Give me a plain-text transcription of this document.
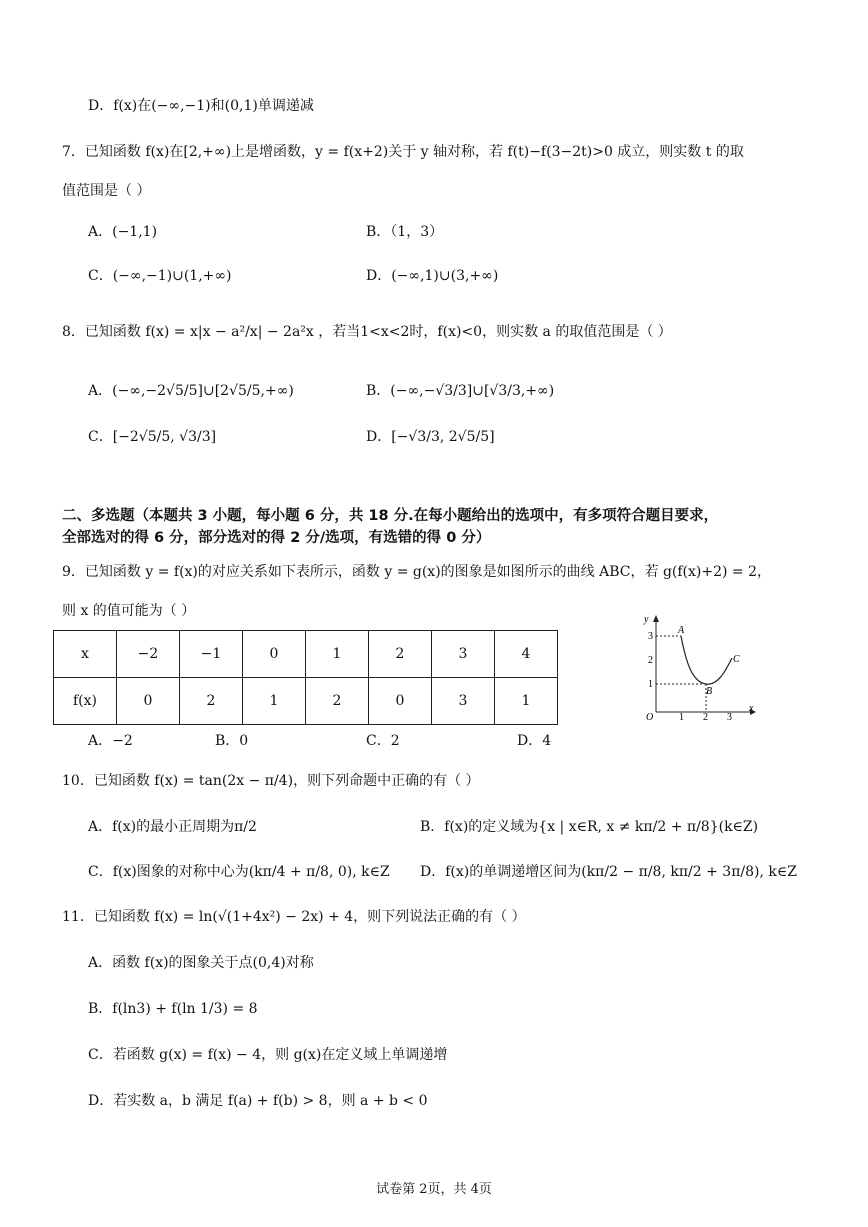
D．f(x)在(−∞,−1)和(0,1)单调递减
7．已知函数 f(x)在[2,+∞)上是增函数，y = f(x+2)关于 y 轴对称，若 f(t)−f(3−2t)>0 成立，则实数 t 的取
值范围是（ ）
A．(−1,1)	B．（1，3）
C．(−∞,−1)∪(1,+∞)	D．(−∞,1)∪(3,+∞)
8．已知函数 f(x) = x|x − a²/x| − 2a²x ，若当1<x<2时，f(x)<0，则实数 a 的取值范围是（ ）
A．(−∞,−2√5/5]∪[2√5/5,+∞)	B．(−∞,−√3/3]∪[√3/3,+∞)
C．[−2√5/5, √3/3]	D．[−√3/3, 2√5/5]
二、多选题（本题共 3 小题，每小题 6 分，共 18 分.在每小题给出的选项中，有多项符合题目要求，
全部选对的得 6 分，部分选对的得 2 分/选项，有选错的得 0 分）
9．已知函数 y = f(x)的对应关系如下表所示，函数 y = g(x)的图象是如图所示的曲线 ABC，若 g(f(x)+2) = 2，
则 x 的值可能为（ ）
x	−2	−1	0	1	2	3	4
f(x)	0	2	1	2	0	3	1
y
x
O
1
2
3
1 2 3
A
B
C
A．−2	B．0	C．2	D．4
10．已知函数 f(x) = tan(2x − π/4)，则下列命题中正确的有（ ）
A．f(x)的最小正周期为π/2	B．f(x)的定义域为{x | x∈R, x ≠ kπ/2 + π/8}(k∈Z)
C．f(x)图象的对称中心为(kπ/4 + π/8, 0), k∈Z D．f(x)的单调递增区间为(kπ/2 − π/8, kπ/2 + 3π/8), k∈Z
11．已知函数 f(x) = ln(√(1+4x²) − 2x) + 4，则下列说法正确的有（ ）
A．函数 f(x)的图象关于点(0,4)对称
B．f(ln3) + f(ln 1/3) = 8
C．若函数 g(x) = f(x) − 4，则 g(x)在定义域上单调递增
D．若实数 a，b 满足 f(a) + f(b) > 8，则 a + b < 0
试卷第 2页，共 4页
